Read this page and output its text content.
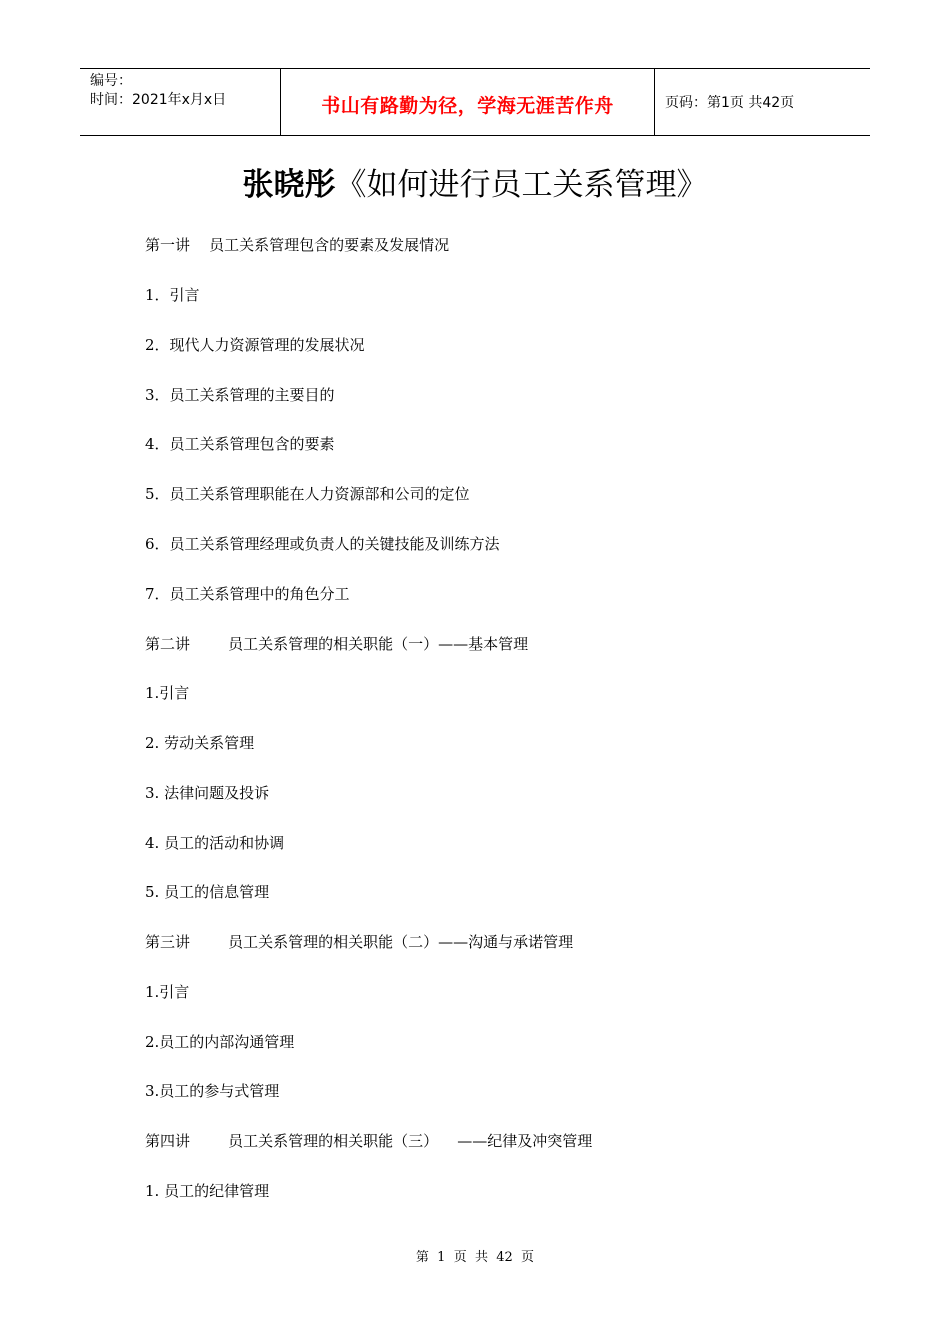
编号：
时间：2021年x月x日	书山有路勤为径，学海无涯苦作舟	页码：第1页 共42页
张晓彤《如何进行员工关系管理》
第一讲    员工关系管理包含的要素及发展情况
1．引言
2．现代人力资源管理的发展状况
3．员工关系管理的主要目的
4．员工关系管理包含的要素
5．员工关系管理职能在人力资源部和公司的定位
6．员工关系管理经理或负责人的关键技能及训练方法
7．员工关系管理中的角色分工
第二讲        员工关系管理的相关职能（一）——基本管理
1.引言
2. 劳动关系管理
3. 法律问题及投诉
4. 员工的活动和协调
5. 员工的信息管理
第三讲        员工关系管理的相关职能（二）——沟通与承诺管理
1.引言
2.员工的内部沟通管理
3.员工的参与式管理
第四讲        员工关系管理的相关职能（三）    ——纪律及冲突管理
1. 员工的纪律管理
第  1  页  共  42  页
